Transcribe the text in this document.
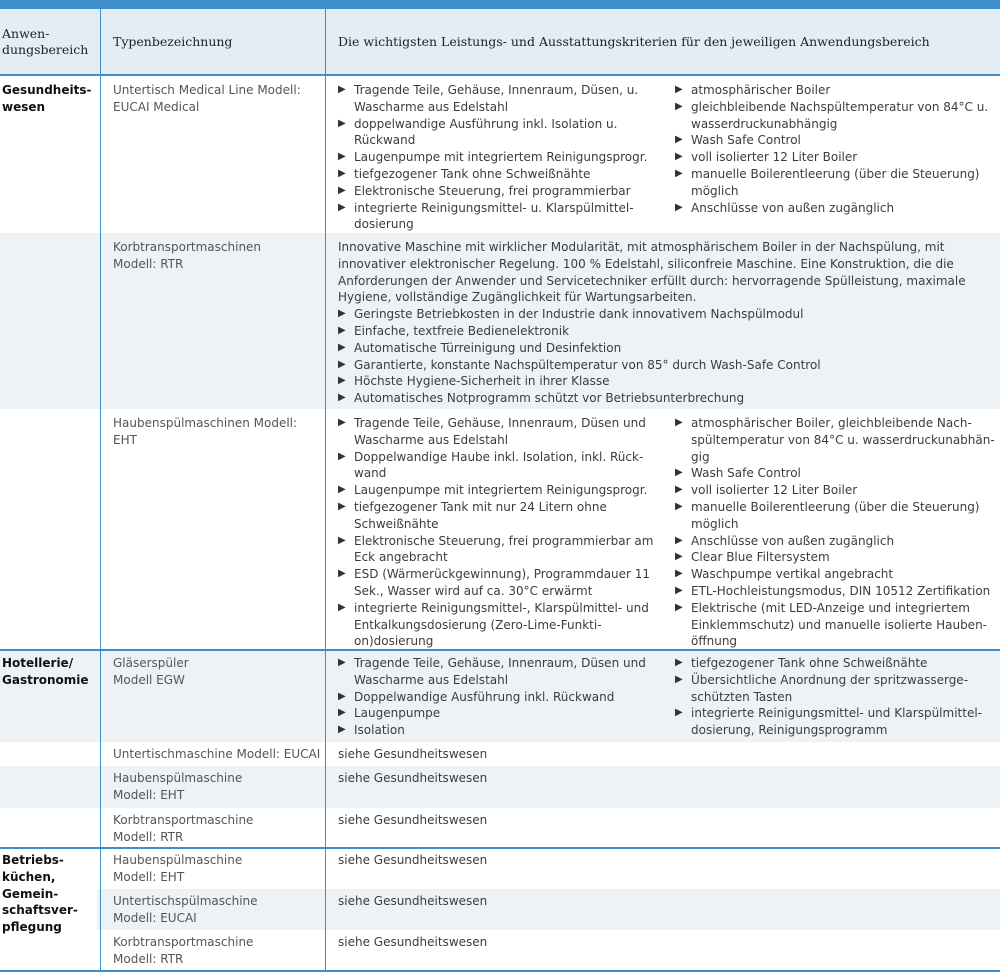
Anwen-
dungsbereich
Typenbezeichnung	Die wichtigsten Leistungs- und Ausstattungskriterien für den jeweiligen Anwendungsbereich
Gesundheits-
wesen
Untertisch Medical Line Modell:
EUCAI Medical
▶ Tragende Teile, Gehäuse, Innenraum, Düsen, u. Wascharme aus Edelstahl
▶ doppelwandige Ausführung inkl. Isolation u. Rückwand
▶ Laugenpumpe mit integriertem Reinigungsprogr.
▶ tiefgezogener Tank ohne Schweißnähte
▶ Elektronische Steuerung, frei programmierbar
▶ integrierte Reinigungsmittel- u. Klarspülmittel-dosierung
▶ atmosphärischer Boiler
▶ gleichbleibende Nachspültemperatur von 84°C u. wasserdruckunabhängig
▶ Wash Safe Control
▶ voll isolierter 12 Liter Boiler
▶ manuelle Boilerentleerung (über die Steuerung) möglich
▶ Anschlüsse von außen zugänglich
Korbtransportmaschinen
Modell: RTR
Innovative Maschine mit wirklicher Modularität, mit atmosphärischem Boiler in der Nachspülung, mit innovativer elektronischer Regelung. 100 % Edelstahl, siliconfreie Maschine. Eine Konstruktion, die die Anforderungen der Anwender und Servicetechniker erfüllt durch: hervorragende Spülleistung, maximale Hygiene, vollständige Zugänglichkeit für Wartungsarbeiten.
▶ Geringste Betriebkosten in der Industrie dank innovativem Nachspülmodul
▶ Einfache, textfreie Bedienelektronik
▶ Automatische Türreinigung und Desinfektion
▶ Garantierte, konstante Nachspültemperatur von 85° durch Wash-Safe Control
▶ Höchste Hygiene-Sicherheit in ihrer Klasse
▶ Automatisches Notprogramm schützt vor Betriebsunterbrechung
Haubenspülmaschinen Modell:
EHT
▶ Tragende Teile, Gehäuse, Innenraum, Düsen und Wascharme aus Edelstahl
▶ Doppelwandige Haube inkl. Isolation, inkl. Rück-wand
▶ Laugenpumpe mit integriertem Reinigungsprogr.
▶ tiefgezogener Tank mit nur 24 Litern ohne Schweißnähte
▶ Elektronische Steuerung, frei programmierbar am Eck angebracht
▶ ESD (Wärmerückgewinnung), Programmdauer 11 Sek., Wasser wird auf ca. 30°C erwärmt
▶ integrierte Reinigungsmittel-, Klarspülmittel- und Entkalkungsdosierung (Zero-Lime-Funkti-on)dosierung
▶ atmosphärischer Boiler, gleichbleibende Nach-spültemperatur von 84°C u. wasserdruckunabhän-gig
▶ Wash Safe Control
▶ voll isolierter 12 Liter Boiler
▶ manuelle Boilerentleerung (über die Steuerung) möglich
▶ Anschlüsse von außen zugänglich
▶ Clear Blue Filtersystem
▶ Waschpumpe vertikal angebracht
▶ ETL-Hochleistungsmodus, DIN 10512 Zertifikation
▶ Elektrische (mit LED-Anzeige und integriertem Einklemmschutz) und manuelle isolierte Hauben-öffnung
Hotellerie/
Gastronomie
Gläserspüler
Modell EGW
▶ Tragende Teile, Gehäuse, Innenraum, Düsen und Wascharme aus Edelstahl
▶ Doppelwandige Ausführung inkl. Rückwand
▶ Laugenpumpe
▶ Isolation
▶ tiefgezogener Tank ohne Schweißnähte
▶ Übersichtliche Anordnung der spritzwasserge-schützten Tasten
▶ integrierte Reinigungsmittel- und Klarspülmittel-dosierung, Reinigungsprogramm
Untertischmaschine Modell: EUCAI siehe Gesundheitswesen
Haubenspülmaschine
Modell: EHT
siehe Gesundheitswesen
Korbtransportmaschine
Modell: RTR
siehe Gesundheitswesen
Betriebs-
küchen,
Gemein-
schaftsver-
pflegung
Haubenspülmaschine
Modell: EHT
siehe Gesundheitswesen
Untertischspülmaschine
Modell: EUCAI
siehe Gesundheitswesen
Korbtransportmaschine
Modell: RTR
siehe Gesundheitswesen
